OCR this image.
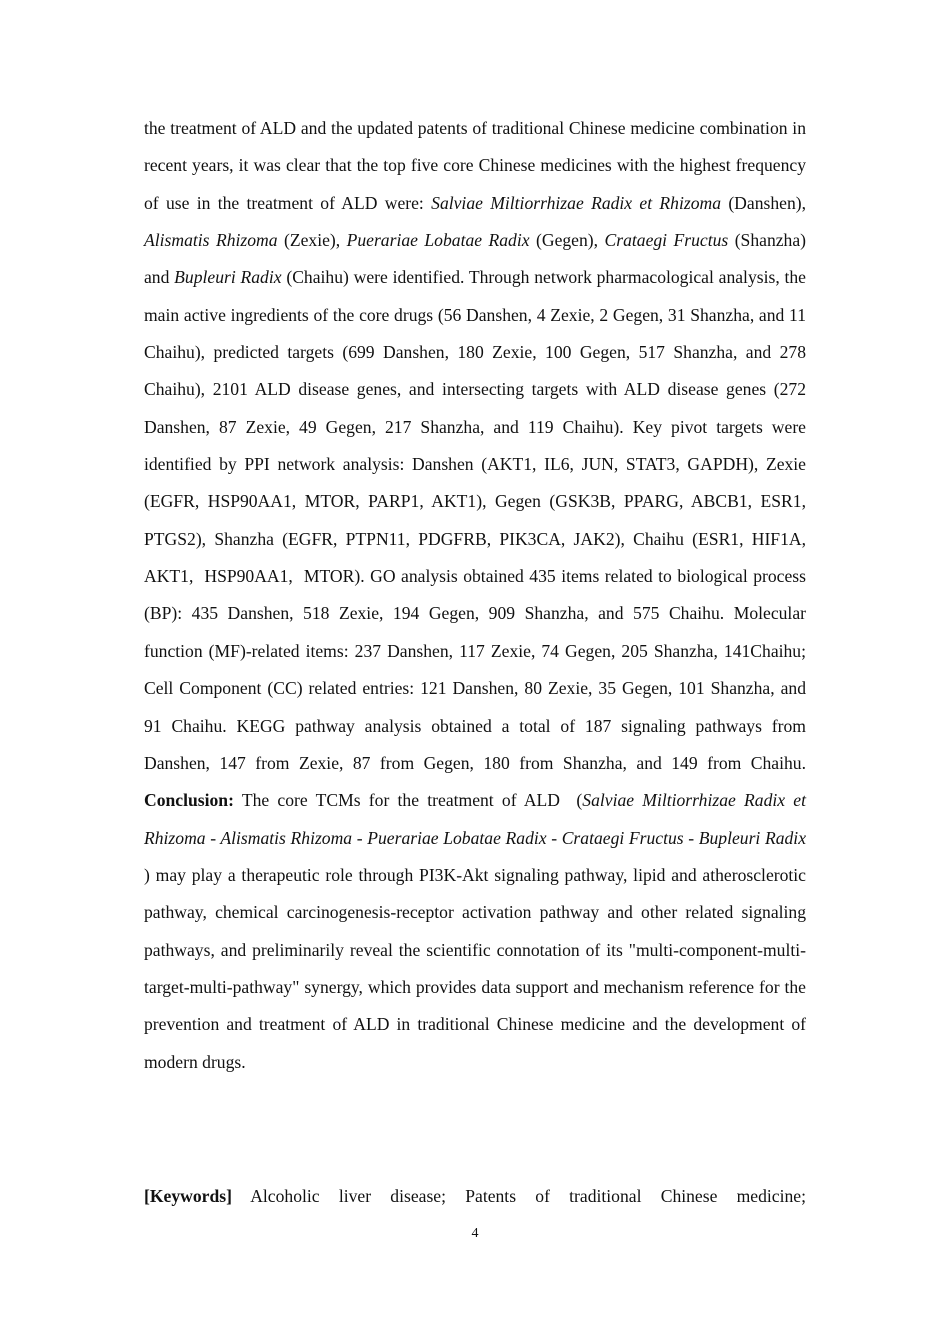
the treatment of ALD and the updated patents of traditional Chinese medicine combination in recent years, it was clear that the top five core Chinese medicines with the highest frequency of use in the treatment of ALD were: Salviae Miltiorrhizae Radix et Rhizoma (Danshen), Alismatis Rhizoma (Zexie), Puerariae Lobatae Radix (Gegen), Crataegi Fructus (Shanzha) and Bupleuri Radix (Chaihu) were identified. Through network pharmacological analysis, the main active ingredients of the core drugs (56 Danshen, 4 Zexie, 2 Gegen, 31 Shanzha, and 11 Chaihu), predicted targets (699 Danshen, 180 Zexie, 100 Gegen, 517 Shanzha, and 278 Chaihu), 2101 ALD disease genes, and intersecting targets with ALD disease genes (272 Danshen, 87 Zexie, 49 Gegen, 217 Shanzha, and 119 Chaihu). Key pivot targets were identified by PPI network analysis: Danshen (AKT1, IL6, JUN, STAT3, GAPDH), Zexie (EGFR, HSP90AA1, MTOR, PARP1, AKT1), Gegen (GSK3B, PPARG, ABCB1, ESR1, PTGS2), Shanzha (EGFR, PTPN11, PDGFRB, PIK3CA, JAK2), Chaihu (ESR1, HIF1A, AKT1,  HSP90AA1,  MTOR). GO analysis obtained 435 items related to biological process (BP): 435 Danshen, 518 Zexie, 194 Gegen, 909 Shanzha, and 575 Chaihu. Molecular function (MF)-related items: 237 Danshen, 117 Zexie, 74 Gegen, 205 Shanzha, 141Chaihu; Cell Component (CC) related entries: 121 Danshen, 80 Zexie, 35 Gegen, 101 Shanzha, and 91 Chaihu. KEGG pathway analysis obtained a total of 187 signaling pathways from Danshen, 147 from Zexie, 87 from Gegen, 180 from Shanzha, and 149 from Chaihu. Conclusion: The core TCMs for the treatment of ALD  (Salviae Miltiorrhizae Radix et Rhizoma - Alismatis Rhizoma - Puerariae Lobatae Radix - Crataegi Fructus - Bupleuri Radix ) may play a therapeutic role through PI3K-Akt signaling pathway, lipid and atherosclerotic pathway, chemical carcinogenesis-receptor activation pathway and other related signaling pathways, and preliminarily reveal the scientific connotation of its "multi-component-multi-target-multi-pathway" synergy, which provides data support and mechanism reference for the prevention and treatment of ALD in traditional Chinese medicine and the development of modern drugs.

[Keywords] Alcoholic liver disease; Patents of traditional Chinese medicine;

4
